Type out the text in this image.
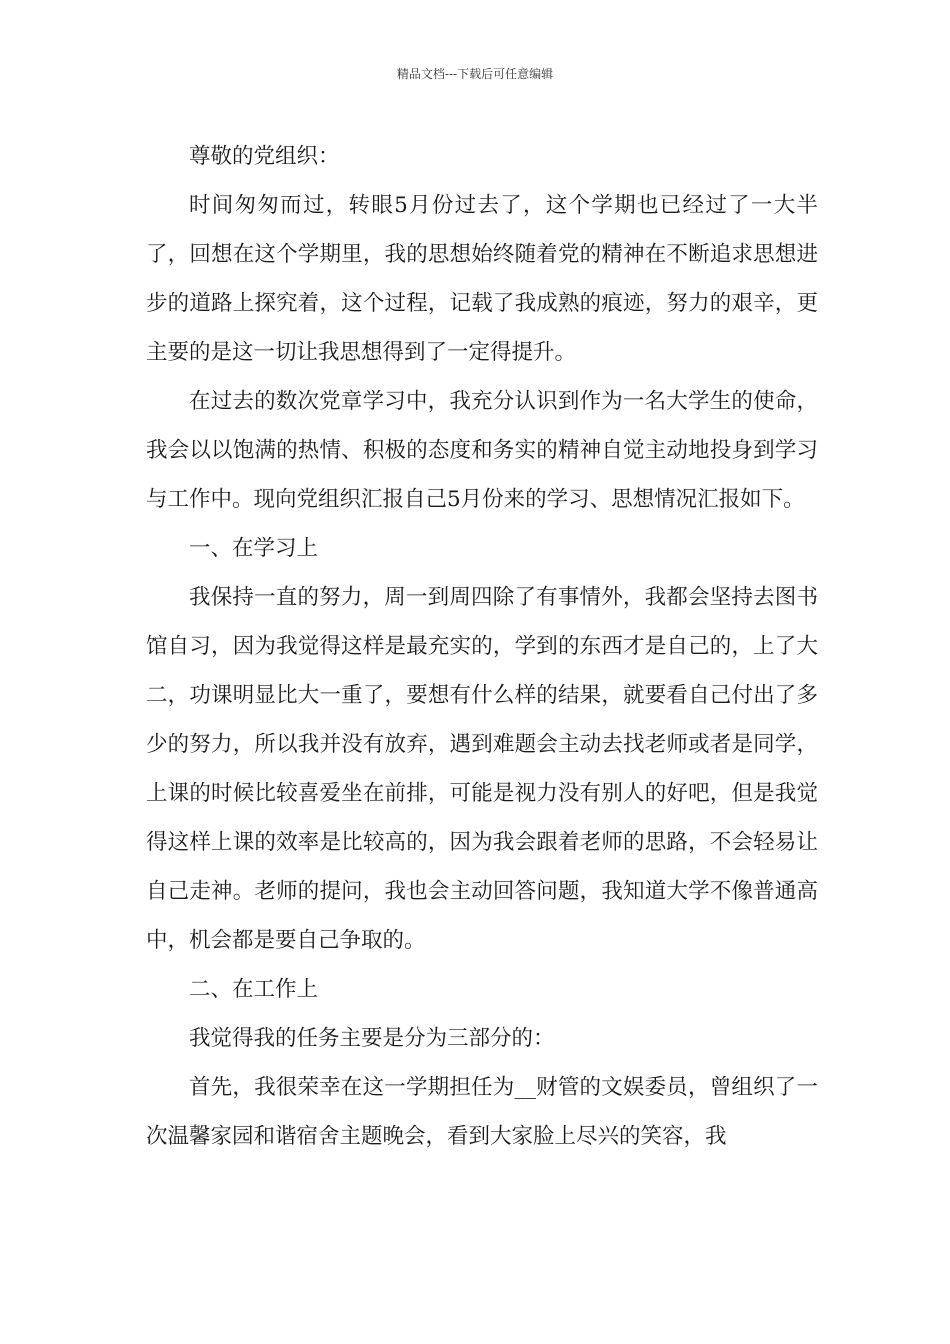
精品文档---下载后可任意编辑

尊敬的党组织：

时间匆匆而过，转眼5月份过去了，这个学期也已经过了一大半了，回想在这个学期里，我的思想始终随着党的精神在不断追求思想进步的道路上探究着，这个过程，记载了我成熟的痕迹，努力的艰辛，更主要的是这一切让我思想得到了一定得提升。

在过去的数次党章学习中，我充分认识到作为一名大学生的使命，我会以以饱满的热情、积极的态度和务实的精神自觉主动地投身到学习与工作中。现向党组织汇报自己5月份来的学习、思想情况汇报如下。

一、在学习上

我保持一直的努力，周一到周四除了有事情外，我都会坚持去图书馆自习，因为我觉得这样是最充实的，学到的东西才是自己的，上了大二，功课明显比大一重了，要想有什么样的结果，就要看自己付出了多少的努力，所以我并没有放弃，遇到难题会主动去找老师或者是同学，上课的时候比较喜爱坐在前排，可能是视力没有别人的好吧，但是我觉得这样上课的效率是比较高的，因为我会跟着老师的思路，不会轻易让自己走神。老师的提问，我也会主动回答问题，我知道大学不像普通高中，机会都是要自己争取的。

二、在工作上

我觉得我的任务主要是分为三部分的：

首先，我很荣幸在这一学期担任为__财管的文娱委员，曾组织了一次温馨家园和谐宿舍主题晚会，看到大家脸上尽兴的笑容，我
